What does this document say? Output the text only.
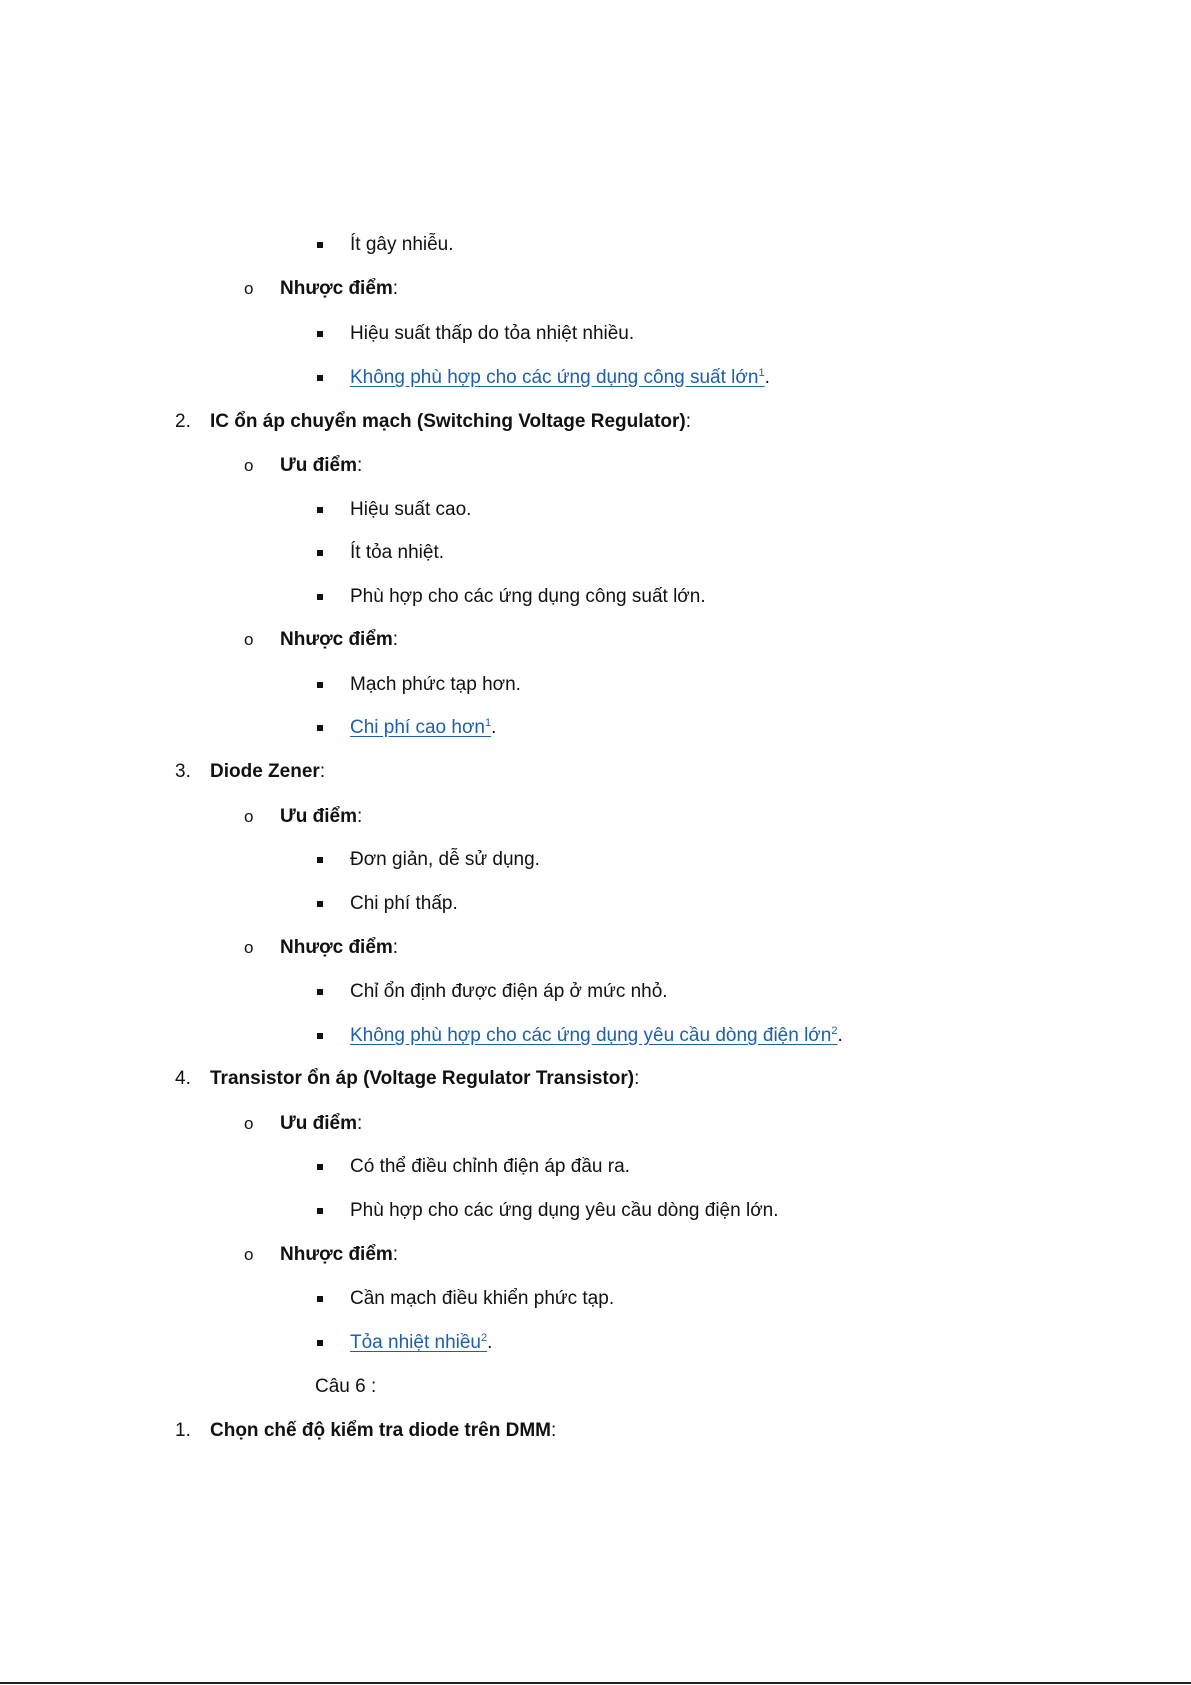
Ít gây nhiễu.
o Nhược điểm:
Hiệu suất thấp do tỏa nhiệt nhiều.
Không phù hợp cho các ứng dụng công suất lớn$^1$.
2.	IC ổn áp chuyển mạch (Switching Voltage Regulator):
o Ưu điểm:
Hiệu suất cao.
Ít tỏa nhiệt.
Phù hợp cho các ứng dụng công suất lớn.
o Nhược điểm:
Mạch phức tạp hơn.
Chi phí cao hơn$^1$.
3.	Diode Zener:
o Ưu điểm:
Đơn giản, dễ sử dụng.
Chi phí thấp.
o Nhược điểm:
Chỉ ổn định được điện áp ở mức nhỏ.
Không phù hợp cho các ứng dụng yêu cầu dòng điện lớn$^2$.
4.	Transistor ổn áp (Voltage Regulator Transistor):
o Ưu điểm:
Có thể điều chỉnh điện áp đầu ra.
Phù hợp cho các ứng dụng yêu cầu dòng điện lớn.
o Nhược điểm:
Cần mạch điều khiển phức tạp.
Tỏa nhiệt nhiều$^2$.
Câu 6 :
1.	Chọn chế độ kiểm tra diode trên DMM:
